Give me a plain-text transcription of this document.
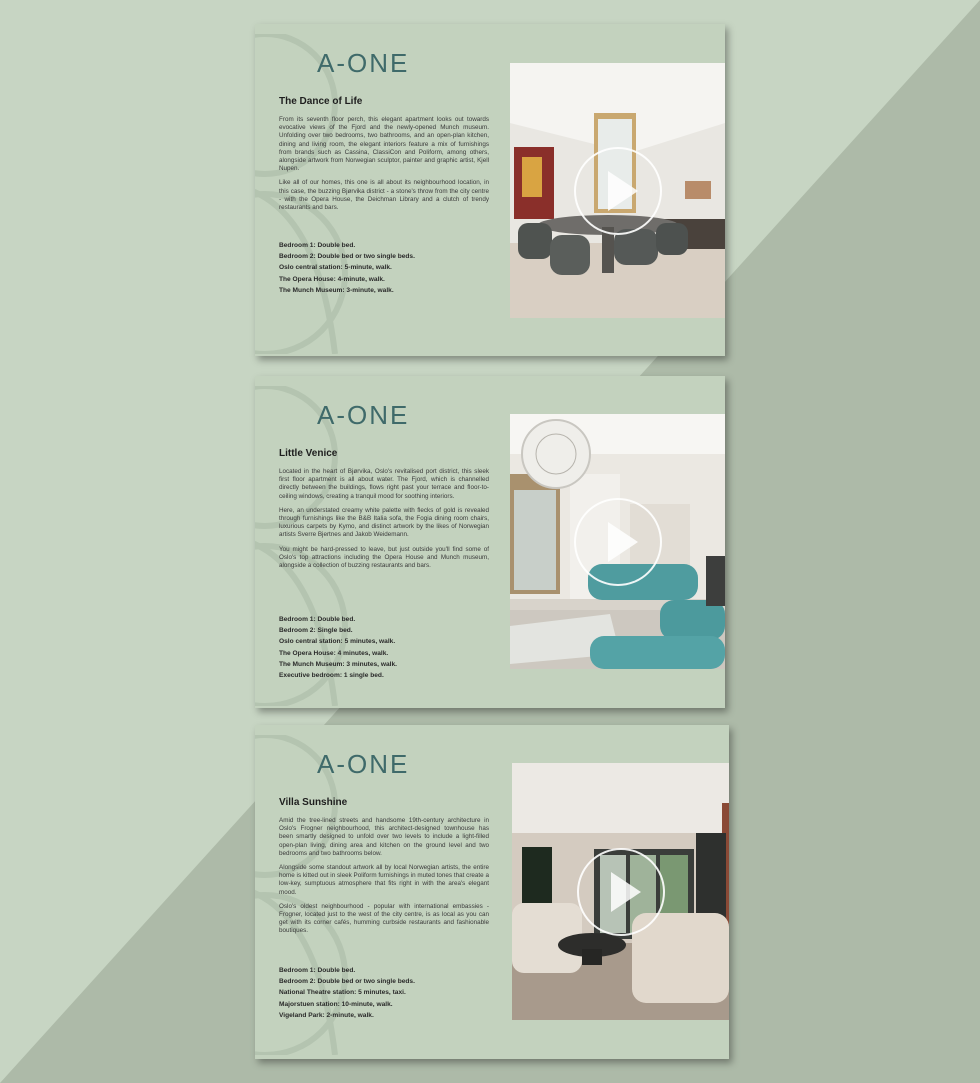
A-ONE
The Dance of Life

From its seventh floor perch, this elegant apartment looks out towards evocative views of the Fjord and the newly-opened Munch museum. Unfolding over two bedrooms, two bathrooms, and an open-plan kitchen, dining and living room, the elegant interiors feature a mix of furnishings from brands such as Cassina, ClassiCon and Poliform, among others, alongside artwork from Norwegian sculptor, painter and graphic artist, Kjell Nupen.

Like all of our homes, this one is all about its neighbourhood location, in this case, the buzzing Bjørvika district - a stone's throw from the city centre - with the Opera House, the Deichman Library and a clutch of trendy restaurants and bars.

Bedroom 1: Double bed.
Bedroom 2: Double bed or two single beds.
Oslo central station: 5-minute, walk.
The Opera House: 4-minute, walk.
The Munch Museum: 3-minute, walk.
A-ONE
Little Venice

Located in the heart of Bjørvika, Oslo's revitalised port district, this sleek first floor apartment is all about water. The Fjord, which is channelled directly between the buildings, flows right past your terrace and floor-to-ceiling windows, creating a tranquil mood for soothing interiors.

Here, an understated creamy white palette with flecks of gold is revealed through furnishings like the B&B Italia sofa, the Fogia dining room chairs, luxurious carpets by Kymo, and distinct artwork by the likes of Norwegian artists Sverre Bjertnes and Jakob Weidemann.

You might be hard-pressed to leave, but just outside you'll find some of Oslo's top attractions including the Opera House and Munch museum, alongside a collection of buzzing restaurants and bars.

Bedroom 1: Double bed.
Bedroom 2: Single bed.
Oslo central station: 5 minutes, walk.
The Opera House: 4 minutes, walk.
The Munch Museum: 3 minutes, walk.
Executive bedroom: 1 single bed.
A-ONE
Villa Sunshine

Amid the tree-lined streets and handsome 19th-century architecture in Oslo's Frogner neighbourhood, this architect-designed townhouse has been smartly designed to unfold over two levels to include a light-filled open-plan living, dining area and kitchen on the ground level and two bedrooms and two bathrooms below.

Alongside some standout artwork all by local Norwegian artists, the entire home is kitted out in sleek Poliform furnishings in muted tones that create a low-key, sumptuous atmosphere that fits right in with the area's elegant mood.

Oslo's oldest neighbourhood - popular with international embassies - Frogner, located just to the west of the city centre, is as local as you can get with its corner cafés, humming curbside restaurants and fashionable boutiques.

Bedroom 1: Double bed.
Bedroom 2: Double bed or two single beds.
National Theatre station: 5 minutes, taxi.
Majorstuen station: 10-minute, walk.
Vigeland Park: 2-minute, walk.
